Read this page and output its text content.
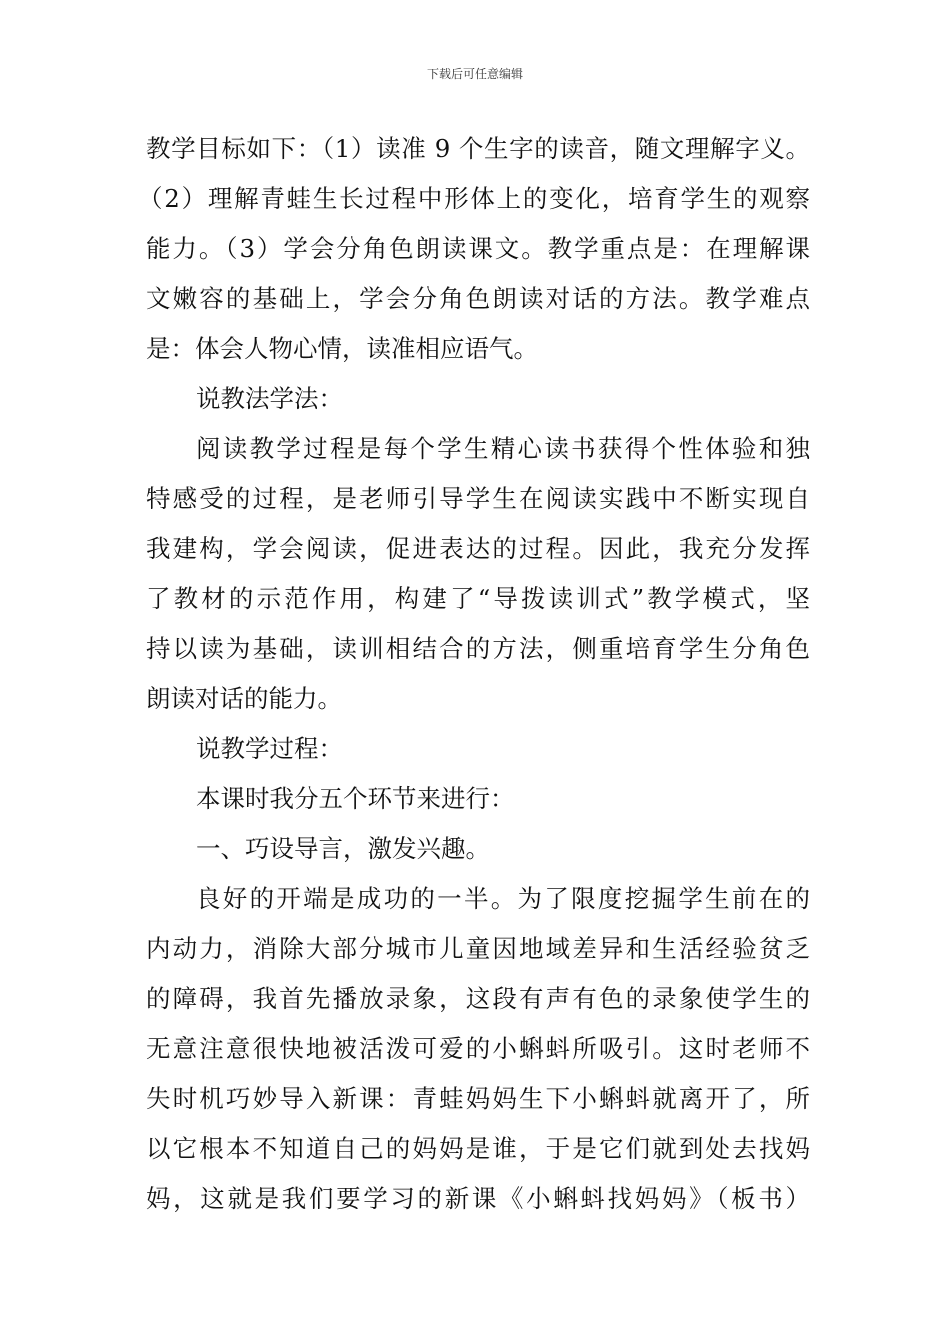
下载后可任意编辑
教学目标如下：（1）读准 9 个生字的读音，随文理解字义。
（2）理解青蛙生长过程中形体上的变化，培育学生的观察
能力。（3）学会分角色朗读课文。教学重点是：在理解课
文嫩容的基础上，学会分角色朗读对话的方法。教学难点
是：体会人物心情，读准相应语气。
说教法学法：
阅读教学过程是每个学生精心读书获得个性体验和独
特感受的过程，是老师引导学生在阅读实践中不断实现自
我建构，学会阅读，促进表达的过程。因此，我充分发挥
了教材的示范作用，构建了“导拨读训式”教学模式，坚
持以读为基础，读训相结合的方法，侧重培育学生分角色
朗读对话的能力。
说教学过程：
本课时我分五个环节来进行：
一、巧设导言，激发兴趣。
良好的开端是成功的一半。为了限度挖掘学生前在的
内动力，消除大部分城市儿童因地域差异和生活经验贫乏
的障碍，我首先播放录象，这段有声有色的录象使学生的
无意注意很快地被活泼可爱的小蝌蚪所吸引。这时老师不
失时机巧妙导入新课：青蛙妈妈生下小蝌蚪就离开了，所
以它根本不知道自己的妈妈是谁，于是它们就到处去找妈
妈，这就是我们要学习的新课《小蝌蚪找妈妈》（板书）
